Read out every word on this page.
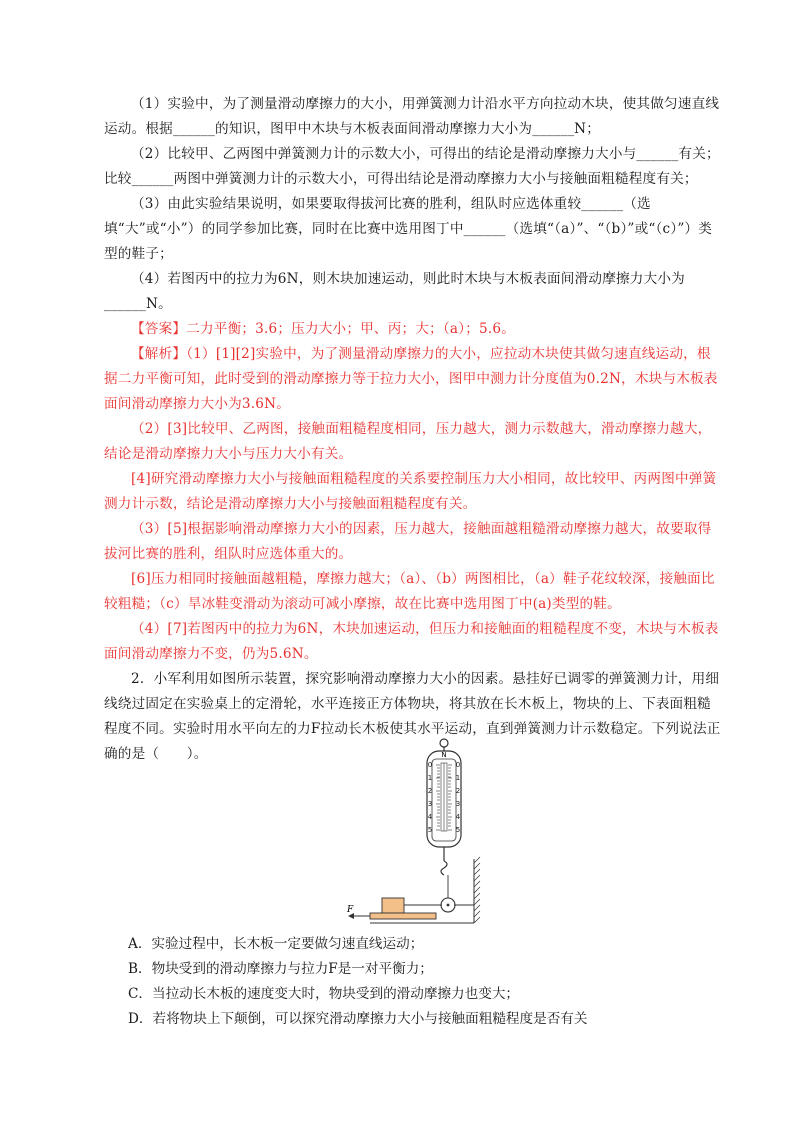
（1）实验中，为了测量滑动摩擦力的大小，用弹簧测力计沿水平方向拉动木块，使其做匀速直线运动。根据______的知识，图甲中木块与木板表面间滑动摩擦力大小为______N；

（2）比较甲、乙两图中弹簧测力计的示数大小，可得出的结论是滑动摩擦力大小与______有关；比较______两图中弹簧测力计的示数大小，可得出结论是滑动摩擦力大小与接触面粗糙程度有关；

（3）由此实验结果说明，如果要取得拔河比赛的胜利，组队时应选体重较______（选填“大”或“小”）的同学参加比赛，同时在比赛中选用图丁中______（选填“（a）”、“（b）”或“（c）”）类型的鞋子；

（4）若图丙中的拉力为6N，则木块加速运动，则此时木块与木板表面间滑动摩擦力大小为______N。

【答案】二力平衡；3.6；压力大小；甲、丙；大；（a）；5.6。

【解析】（1）[1][2]实验中，为了测量滑动摩擦力的大小，应拉动木块使其做匀速直线运动，根据二力平衡可知，此时受到的滑动摩擦力等于拉力大小，图甲中测力计分度值为0.2N，木块与木板表面间滑动摩擦力大小为3.6N。

（2）[3]比较甲、乙两图，接触面粗糙程度相同，压力越大，测力示数越大，滑动摩擦力越大，结论是滑动摩擦力大小与压力大小有关。

[4]研究滑动摩擦力大小与接触面粗糙程度的关系要控制压力大小相同，故比较甲、丙两图中弹簧测力计示数，结论是滑动摩擦力大小与接触面粗糙程度有关。

（3）[5]根据影响滑动摩擦力大小的因素，压力越大，接触面越粗糙滑动摩擦力越大，故要取得拔河比赛的胜利，组队时应选体重大的。

[6]压力相同时接触面越粗糙，摩擦力越大；（a）、（b）两图相比，（a）鞋子花纹较深，接触面比较粗糙；（c）旱冰鞋变滑动为滚动可减小摩擦，故在比赛中选用图丁中(a)类型的鞋。

（4）[7]若图丙中的拉力为6N，木块加速运动，但压力和接触面的粗糙程度不变，木块与木板表面间滑动摩擦力不变，仍为5.6N。

2．小军利用如图所示装置，探究影响滑动摩擦力大小的因素。悬挂好已调零的弹簧测力计，用细线绕过固定在实验桌上的定滑轮，水平连接正方体物块，将其放在长木板上，物块的上、下表面粗糙程度不同。实验时用水平向左的力F拉动长木板使其水平运动，直到弹簧测力计示数稳定。下列说法正确的是（　　）。	N
0
1
2
3
4
5
0
1
2
3
4
5
F
A．实验过程中，长木板一定要做匀速直线运动；
B．物块受到的滑动摩擦力与拉力F是一对平衡力；
C．当拉动长木板的速度变大时，物块受到的滑动摩擦力也变大；
D．若将物块上下颠倒，可以探究滑动摩擦力大小与接触面粗糙程度是否有关
